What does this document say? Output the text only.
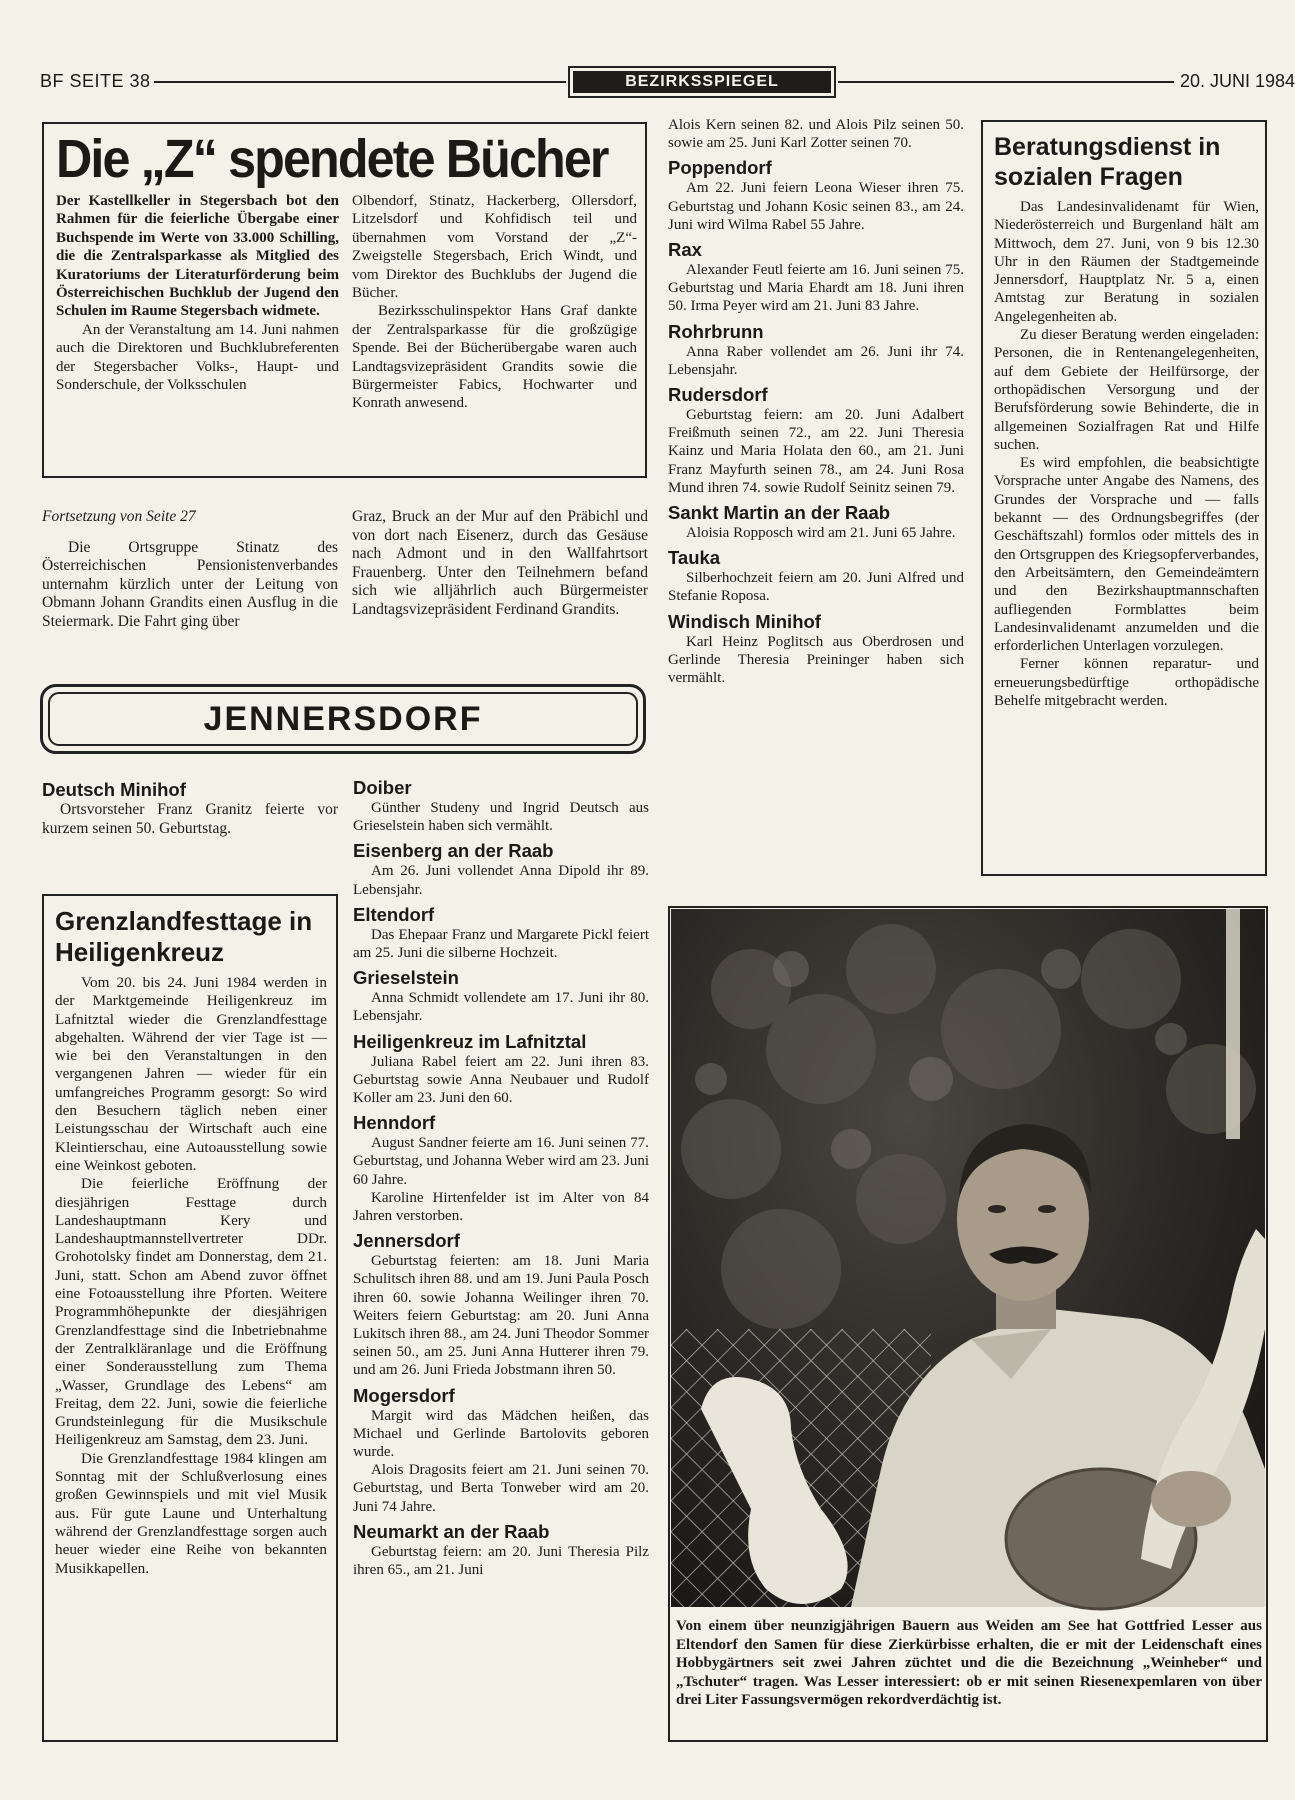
BF SEITE 38	BEZIRKSSPIEGEL	20. JUNI 1984
Die „Z“ spendete Bücher

Der Kastellkeller in Stegersbach bot den Rahmen für die feierliche Übergabe einer Buchspende im Werte von 33.000 Schilling, die die Zentralsparkasse als Mitglied des Kuratoriums der Literaturförderung beim Österreichischen Buchklub der Jugend den Schulen im Raume Stegersbach widmete.

An der Veranstaltung am 14. Juni nahmen auch die Direktoren und Buchklubreferenten der Stegersbacher Volks-, Haupt- und Sonderschule, der Volksschulen

Olbendorf, Stinatz, Hackerberg, Ollersdorf, Litzelsdorf und Kohfidisch teil und übernahmen vom Vorstand der „Z“-Zweigstelle Stegersbach, Erich Windt, und vom Direktor des Buchklubs der Jugend die Bücher.

Bezirksschulinspektor Hans Graf dankte der Zentralsparkasse für die großzügige Spende. Bei der Bücherübergabe waren auch Landtagsvizepräsident Grandits sowie die Bürgermeister Fabics, Hochwarter und Konrath anwesend.

Alois Kern seinen 82. und Alois Pilz seinen 50. sowie am 25. Juni Karl Zotter seinen 70.

Poppendorf

Am 22. Juni feiern Leona Wieser ihren 75. Geburtstag und Johann Kosic seinen 83., am 24. Juni wird Wilma Rabel 55 Jahre.

Rax

Alexander Feutl feierte am 16. Juni seinen 75. Geburtstag und Maria Ehardt am 18. Juni ihren 50. Irma Peyer wird am 21. Juni 83 Jahre.

Rohrbrunn

Anna Raber vollendet am 26. Juni ihr 74. Lebensjahr.

Rudersdorf

Geburtstag feiern: am 20. Juni Adalbert Freißmuth seinen 72., am 22. Juni Theresia Kainz und Maria Holata den 60., am 21. Juni Franz Mayfurth seinen 78., am 24. Juni Rosa Mund ihren 74. sowie Rudolf Seinitz seinen 79.

Sankt Martin an der Raab

Aloisia Ropposch wird am 21. Juni 65 Jahre.

Tauka

Silberhochzeit feiern am 20. Juni Alfred und Stefanie Roposa.

Windisch Minihof

Karl Heinz Poglitsch aus Oberdrosen und Gerlinde Theresia Preininger haben sich vermählt.

Beratungsdienst in sozialen Fragen

Das Landesinvalidenamt für Wien, Niederösterreich und Burgenland hält am Mittwoch, dem 27. Juni, von 9 bis 12.30 Uhr in den Räumen der Stadtgemeinde Jennersdorf, Hauptplatz Nr. 5 a, einen Amtstag zur Beratung in sozialen Angelegenheiten ab.

Zu dieser Beratung werden eingeladen: Personen, die in Rentenangelegenheiten, auf dem Gebiete der Heilfürsorge, der orthopädischen Versorgung und der Berufsförderung sowie Behinderte, die in allgemeinen Sozialfragen Rat und Hilfe suchen.

Es wird empfohlen, die beabsichtigte Vorsprache unter Angabe des Namens, des Grundes der Vorsprache und — falls bekannt — des Ordnungsbegriffes (der Geschäftszahl) formlos oder mittels des in den Ortsgruppen des Kriegsopferverbandes, den Arbeitsämtern, den Gemeindeämtern und den Bezirkshauptmannschaften aufliegenden Formblattes beim Landesinvalidenamt anzumelden und die erforderlichen Unterlagen vorzulegen.

Ferner können reparatur- und erneuerungsbedürftige orthopädische Behelfe mitgebracht werden.

Fortsetzung von Seite 27

Die Ortsgruppe Stinatz des Österreichischen Pensionistenverbandes unternahm kürzlich unter der Leitung von Obmann Johann Grandits einen Ausflug in die Steiermark. Die Fahrt ging über

Graz, Bruck an der Mur auf den Präbichl und von dort nach Eisenerz, durch das Gesäuse nach Admont und in den Wallfahrtsort Frauenberg. Unter den Teilnehmern befand sich wie alljährlich auch Bürgermeister Landtagsvizepräsident Ferdinand Grandits.

JENNERSDORF
Deutsch Minihof

Ortsvorsteher Franz Granitz feierte vor kurzem seinen 50. Geburtstag.

Grenzlandfesttage in Heiligenkreuz

Vom 20. bis 24. Juni 1984 werden in der Marktgemeinde Heiligenkreuz im Lafnitztal wieder die Grenzlandfesttage abgehalten. Während der vier Tage ist — wie bei den Veranstaltungen in den vergangenen Jahren — wieder für ein umfangreiches Programm gesorgt: So wird den Besuchern täglich neben einer Leistungsschau der Wirtschaft auch eine Kleintierschau, eine Autoausstellung sowie eine Weinkost geboten.

Die feierliche Eröffnung der diesjährigen Festtage durch Landeshauptmann Kery und Landeshauptmannstellvertreter DDr. Grohotolsky findet am Donnerstag, dem 21. Juni, statt. Schon am Abend zuvor öffnet eine Fotoausstellung ihre Pforten. Weitere Programmhöhepunkte der diesjährigen Grenzlandfesttage sind die Inbetriebnahme der Zentralkläranlage und die Eröffnung einer Sonderausstellung zum Thema „Wasser, Grundlage des Lebens“ am Freitag, dem 22. Juni, sowie die feierliche Grundsteinlegung für die Musikschule Heiligenkreuz am Samstag, dem 23. Juni.

Die Grenzlandfesttage 1984 klingen am Sonntag mit der Schlußverlosung eines großen Gewinnspiels und mit viel Musik aus. Für gute Laune und Unterhaltung während der Grenzlandfesttage sorgen auch heuer wieder eine Reihe von bekannten Musikkapellen.

Doiber

Günther Studeny und Ingrid Deutsch aus Grieselstein haben sich vermählt.

Eisenberg an der Raab

Am 26. Juni vollendet Anna Dipold ihr 89. Lebensjahr.

Eltendorf

Das Ehepaar Franz und Margarete Pickl feiert am 25. Juni die silberne Hochzeit.

Grieselstein

Anna Schmidt vollendete am 17. Juni ihr 80. Lebensjahr.

Heiligenkreuz im Lafnitztal

Juliana Rabel feiert am 22. Juni ihren 83. Geburtstag sowie Anna Neubauer und Rudolf Koller am 23. Juni den 60.

Henndorf

August Sandner feierte am 16. Juni seinen 77. Geburtstag, und Johanna Weber wird am 23. Juni 60 Jahre.

Karoline Hirtenfelder ist im Alter von 84 Jahren verstorben.

Jennersdorf

Geburtstag feierten: am 18. Juni Maria Schulitsch ihren 88. und am 19. Juni Paula Posch ihren 60. sowie Johanna Weilinger ihren 70. Weiters feiern Geburtstag: am 20. Juni Anna Lukitsch ihren 88., am 24. Juni Theodor Sommer seinen 50., am 25. Juni Anna Hutterer ihren 79. und am 26. Juni Frieda Jobstmann ihren 50.

Mogersdorf

Margit wird das Mädchen heißen, das Michael und Gerlinde Bartolovits geboren wurde.

Alois Dragosits feiert am 21. Juni seinen 70. Geburtstag, und Berta Tonweber wird am 20. Juni 74 Jahre.

Neumarkt an der Raab

Geburtstag feiern: am 20. Juni Theresia Pilz ihren 65., am 21. Juni

Von einem über neunzigjährigen Bauern aus Weiden am See hat Gottfried Lesser aus Eltendorf den Samen für diese Zierkürbisse erhalten, die er mit der Leidenschaft eines Hobbygärtners seit zwei Jahren züchtet und die die Bezeichnung „Weinheber“ und „Tschuter“ tragen. Was Lesser interessiert: ob er mit seinen Riesenexpemlaren von über drei Liter Fassungsvermögen rekordverdächtig ist.
